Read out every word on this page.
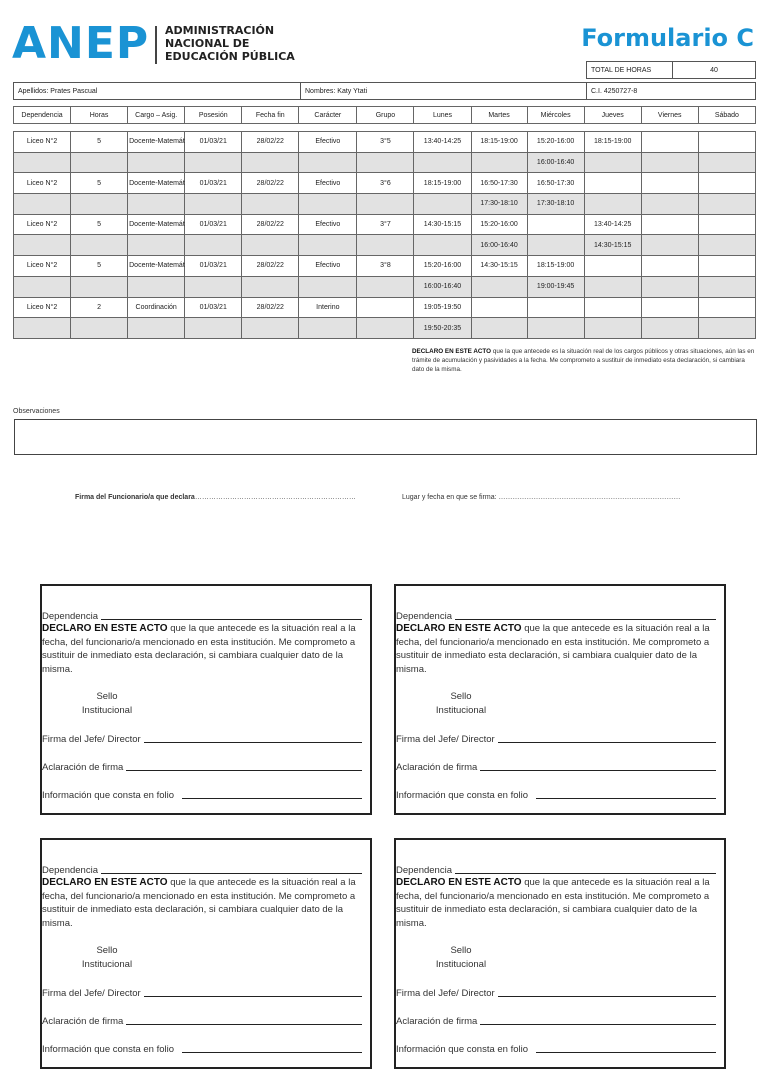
ANEP ADMINISTRACIÓN
NACIONAL DE
EDUCACIÓN PÚBLICA
Formulario C
TOTAL DE HORAS	40
Apellidos: Prates Pascual	Nombres: Katy Ytati	C.I. 4250727-8
Dependencia	Horas	Cargo – Asig.	Posesión	Fecha fin	Carácter	Grupo	Lunes	Martes	Miércoles	Jueves	Viernes	Sábado

Liceo N°2	5	Docente-Matemát	01/03/21	28/02/22	Efectivo	3°5	13:40-14:25	18:15-19:00	15:20-16:00	18:15-19:00		
									16:00-16:40			
Liceo N°2	5	Docente-Matemát	01/03/21	28/02/22	Efectivo	3°6	18:15-19:00	16:50-17:30	16:50-17:30			
								17:30-18:10	17:30-18:10			
Liceo N°2	5	Docente-Matemát	01/03/21	28/02/22	Efectivo	3°7	14:30-15:15	15:20-16:00		13:40-14:25		
								16:00-16:40		14:30-15:15		
Liceo N°2	5	Docente-Matemát	01/03/21	28/02/22	Efectivo	3°8	15:20-16:00	14:30-15:15	18:15-19:00			
							16:00-16:40		19:00-19:45			
Liceo N°2	2	Coordinación	01/03/21	28/02/22	Interino		19:05-19:50					
							19:50-20:35					
DECLARO EN ESTE ACTO que la que antecede es la situación real de los cargos públicos y otras situaciones, aún las en trámite de acumulación y pasividades a la fecha. Me comprometo a sustituir de inmediato esta declaración, si cambiara dato de la misma.
Observaciones
Firma del Funcionario/a que declara……………………………………………………………	Lugar y fecha en que se firma: ……………………………………………………………………
Dependencia
DECLARO EN ESTE ACTO que la que antecede es la situación real a la fecha, del funcionario/a mencionado en esta institución. Me comprometo a sustituir de inmediato esta declaración, si cambiara cualquier dato de la misma.
Sello
Institucional
Firma del Jefe/ Director
Aclaración de firma
Información que consta en folio
Dependencia
DECLARO EN ESTE ACTO que la que antecede es la situación real a la fecha, del funcionario/a mencionado en esta institución. Me comprometo a sustituir de inmediato esta declaración, si cambiara cualquier dato de la misma.
Sello
Institucional
Firma del Jefe/ Director
Aclaración de firma
Información que consta en folio
Dependencia
DECLARO EN ESTE ACTO que la que antecede es la situación real a la fecha, del funcionario/a mencionado en esta institución. Me comprometo a sustituir de inmediato esta declaración, si cambiara cualquier dato de la misma.
Sello
Institucional
Firma del Jefe/ Director
Aclaración de firma
Información que consta en folio
Dependencia
DECLARO EN ESTE ACTO que la que antecede es la situación real a la fecha, del funcionario/a mencionado en esta institución. Me comprometo a sustituir de inmediato esta declaración, si cambiara cualquier dato de la misma.
Sello
Institucional
Firma del Jefe/ Director
Aclaración de firma
Información que consta en folio
